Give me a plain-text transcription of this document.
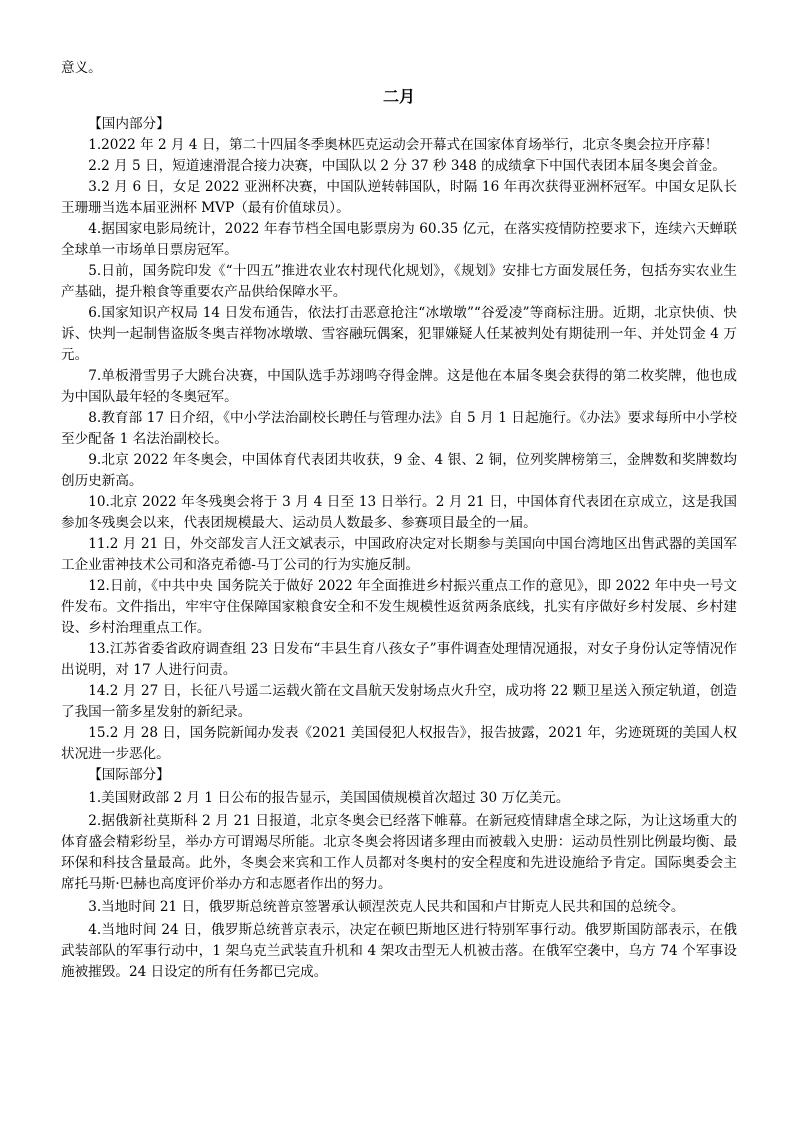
意义。

二月

【国内部分】

1.2022 年 2 月 4 日，第二十四届冬季奥林匹克运动会开幕式在国家体育场举行，北京冬奥会拉开序幕！

2.2 月 5 日，短道速滑混合接力决赛，中国队以 2 分 37 秒 348 的成绩拿下中国代表团本届冬奥会首金。

3.2 月 6 日，女足 2022 亚洲杯决赛，中国队逆转韩国队，时隔 16 年再次获得亚洲杯冠军。中国女足队长王珊珊当选本届亚洲杯 MVP（最有价值球员）。

4.据国家电影局统计，2022 年春节档全国电影票房为 60.35 亿元，在落实疫情防控要求下，连续六天蝉联全球单一市场单日票房冠军。

5.日前，国务院印发《“十四五”推进农业农村现代化规划》，《规划》安排七方面发展任务，包括夯实农业生产基础，提升粮食等重要农产品供给保障水平。

6.国家知识产权局 14 日发布通告，依法打击恶意抢注“冰墩墩”“谷爱凌”等商标注册。近期，北京快侦、快诉、快判一起制售盗版冬奥吉祥物冰墩墩、雪容融玩偶案，犯罪嫌疑人任某被判处有期徒刑一年、并处罚金 4 万元。

7.单板滑雪男子大跳台决赛，中国队选手苏翊鸣夺得金牌。这是他在本届冬奥会获得的第二枚奖牌，他也成为中国队最年轻的冬奥冠军。

8.教育部 17 日介绍，《中小学法治副校长聘任与管理办法》自 5 月 1 日起施行。《办法》要求每所中小学校至少配备 1 名法治副校长。

9.北京 2022 年冬奥会，中国体育代表团共收获，9 金、4 银、2 铜，位列奖牌榜第三，金牌数和奖牌数均创历史新高。

10.北京 2022 年冬残奥会将于 3 月 4 日至 13 日举行。2 月 21 日，中国体育代表团在京成立，这是我国参加冬残奥会以来，代表团规模最大、运动员人数最多、参赛项目最全的一届。

11.2 月 21 日，外交部发言人汪文斌表示，中国政府决定对长期参与美国向中国台湾地区出售武器的美国军工企业雷神技术公司和洛克希德-马丁公司的行为实施反制。

12.日前，《中共中央 国务院关于做好 2022 年全面推进乡村振兴重点工作的意见》，即 2022 年中央一号文件发布。文件指出，牢牢守住保障国家粮食安全和不发生规模性返贫两条底线，扎实有序做好乡村发展、乡村建设、乡村治理重点工作。

13.江苏省委省政府调查组 23 日发布“丰县生育八孩女子”事件调查处理情况通报，对女子身份认定等情况作出说明，对 17 人进行问责。

14.2 月 27 日，长征八号遥二运载火箭在文昌航天发射场点火升空，成功将 22 颗卫星送入预定轨道，创造了我国一箭多星发射的新纪录。

15.2 月 28 日，国务院新闻办发表《2021 美国侵犯人权报告》，报告披露，2021 年，劣迹斑斑的美国人权状况进一步恶化。

【国际部分】

1.美国财政部 2 月 1 日公布的报告显示，美国国债规模首次超过 30 万亿美元。

2.据俄新社莫斯科 2 月 21 日报道，北京冬奥会已经落下帷幕。在新冠疫情肆虐全球之际，为让这场重大的体育盛会精彩纷呈，举办方可谓竭尽所能。北京冬奥会将因诸多理由而被载入史册：运动员性别比例最均衡、最环保和科技含量最高。此外，冬奥会来宾和工作人员都对冬奥村的安全程度和先进设施给予肯定。国际奥委会主席托马斯·巴赫也高度评价举办方和志愿者作出的努力。

3.当地时间 21 日，俄罗斯总统普京签署承认顿涅茨克人民共和国和卢甘斯克人民共和国的总统令。

4.当地时间 24 日，俄罗斯总统普京表示，决定在顿巴斯地区进行特别军事行动。俄罗斯国防部表示，在俄武装部队的军事行动中，1 架乌克兰武装直升机和 4 架攻击型无人机被击落。在俄军空袭中，乌方 74 个军事设施被摧毁。24 日设定的所有任务都已完成。
